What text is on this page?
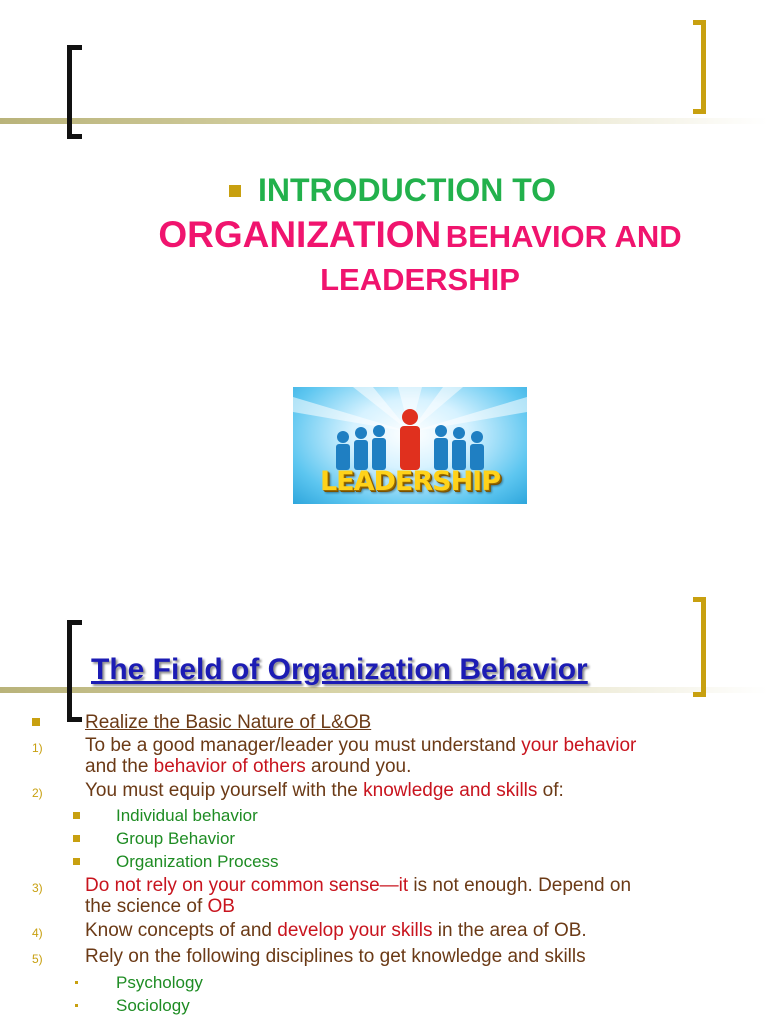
INTRODUCTION TO
ORGANIZATION BEHAVIOR AND
LEADERSHIP
LEADERSHIP
The Field of Organization Behavior
Realize the Basic Nature of L&OB
1) To be a good manager/leader you must understand your behavior
and the behavior of others around you.
2) You must equip yourself with the knowledge and skills of:
Individual behavior
Group Behavior
Organization Process
3) Do not rely on your common sense—it is not enough. Depend on
the science of OB
4) Know concepts of and develop your skills in the area of OB.
5) Rely on the following disciplines to get knowledge and skills
Psychology
Sociology
